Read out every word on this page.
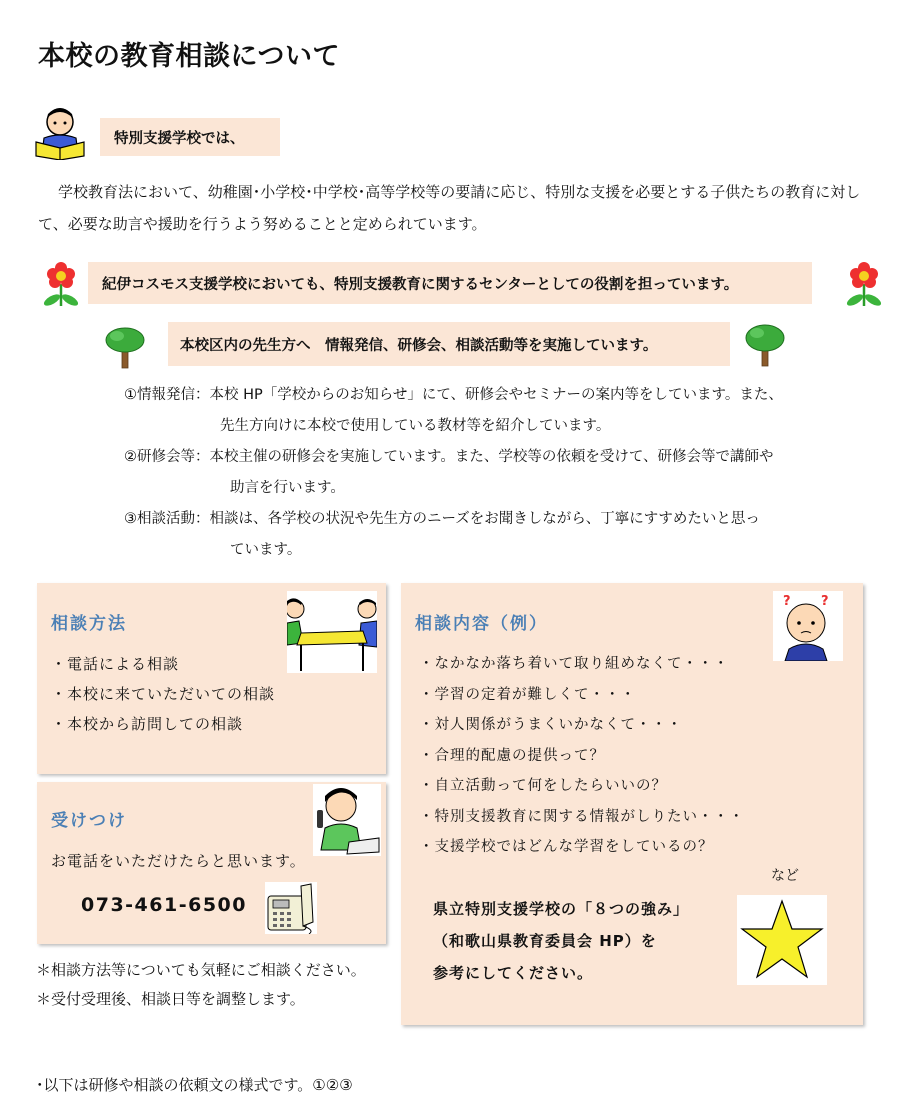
本校の教育相談について
特別支援学校では、
学校教育法において、幼稚園･小学校･中学校･高等学校等の要請に応じ、特別な支援を必要とする子供たちの教育に対して、必要な助言や援助を行うよう努めることと定められています。
紀伊コスモス支援学校においても、特別支援教育に関するセンターとしての役割を担っています。
本校区内の先生方へ　情報発信、研修会、相談活動等を実施しています。
①情報発信：本校 HP「学校からのお知らせ」にて、研修会やセミナーの案内等をしています。また、
先生方向けに本校で使用している教材等を紹介しています。
②研修会等：本校主催の研修会を実施しています。また、学校等の依頼を受けて、研修会等で講師や
助言を行います。
③相談活動：相談は、各学校の状況や先生方のニーズをお聞きしながら、丁寧にすすめたいと思っ
ています。
相談方法
・電話による相談
・本校に来ていただいての相談
・本校から訪問しての相談
受けつけ
お電話をいただけたらと思います。
073-461-6500
＊相談方法等についても気軽にご相談ください。
＊受付受理後、相談日等を調整します。
相談内容（例）
・なかなか落ち着いて取り組めなくて・・・
・学習の定着が難しくて・・・
・対人関係がうまくいかなくて・・・
・合理的配慮の提供って？
・自立活動って何をしたらいいの？
・特別支援教育に関する情報がしりたい・・・
・支援学校ではどんな学習をしているの？
など
県立特別支援学校の「８つの強み」
（和歌山県教育委員会 HP）を
参考にしてください。
? ?
･以下は研修や相談の依頼文の様式です。①②③
